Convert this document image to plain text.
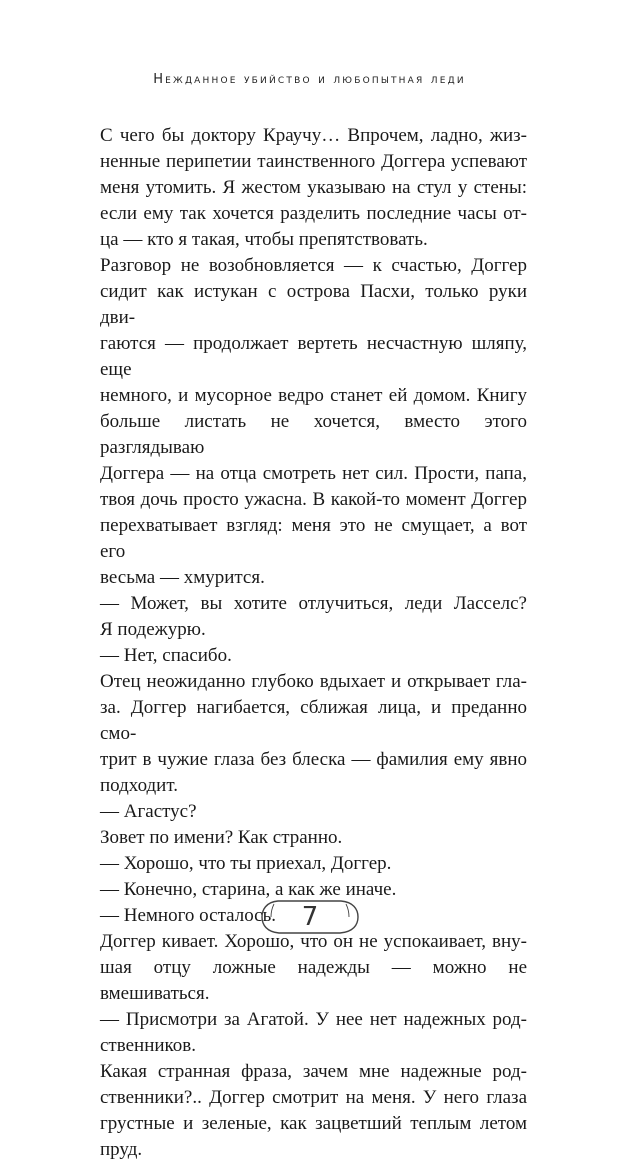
Нежданное убийство и любопытная леди

С чего бы доктору Краучу… Впрочем, ладно, жиз-

ненные перипетии таинственного Доггера успевают

меня утомить. Я жестом указываю на стул у стены:

если ему так хочется разделить последние часы от-

ца — кто я такая, чтобы препятствовать.

Разговор не возобновляется — к счастью, Доггер

сидит как истукан с острова Пасхи, только руки дви-

гаются — продолжает вертеть несчастную шляпу, еще

немного, и мусорное ведро станет ей домом. Книгу

больше листать не хочется, вместо этого разглядываю

Доггера — на отца смотреть нет сил. Прости, папа,

твоя дочь просто ужасна. В какой-то момент Доггер

перехватывает взгляд: меня это не смущает, а вот его

весьма — хмурится.

— Может, вы хотите отлучиться, леди Ласселс?

Я подежурю.

— Нет, спасибо.

Отец неожиданно глубоко вдыхает и открывает гла-

за. Доггер нагибается, сближая лица, и преданно смо-

трит в чужие глаза без блеска — фамилия ему явно

подходит.

— Агастус?

Зовет по имени? Как странно.

— Хорошо, что ты приехал, Доггер.

— Конечно, старина, а как же иначе.

— Немного осталось.

Доггер кивает. Хорошо, что он не успокаивает, вну-

шая отцу ложные надежды — можно не вмешиваться.

— Присмотри за Агатой. У нее нет надежных род-

ственников.

Какая странная фраза, зачем мне надежные род-

ственники?.. Доггер смотрит на меня. У него глаза

грустные и зеленые, как зацветший теплым летом пруд.

7
